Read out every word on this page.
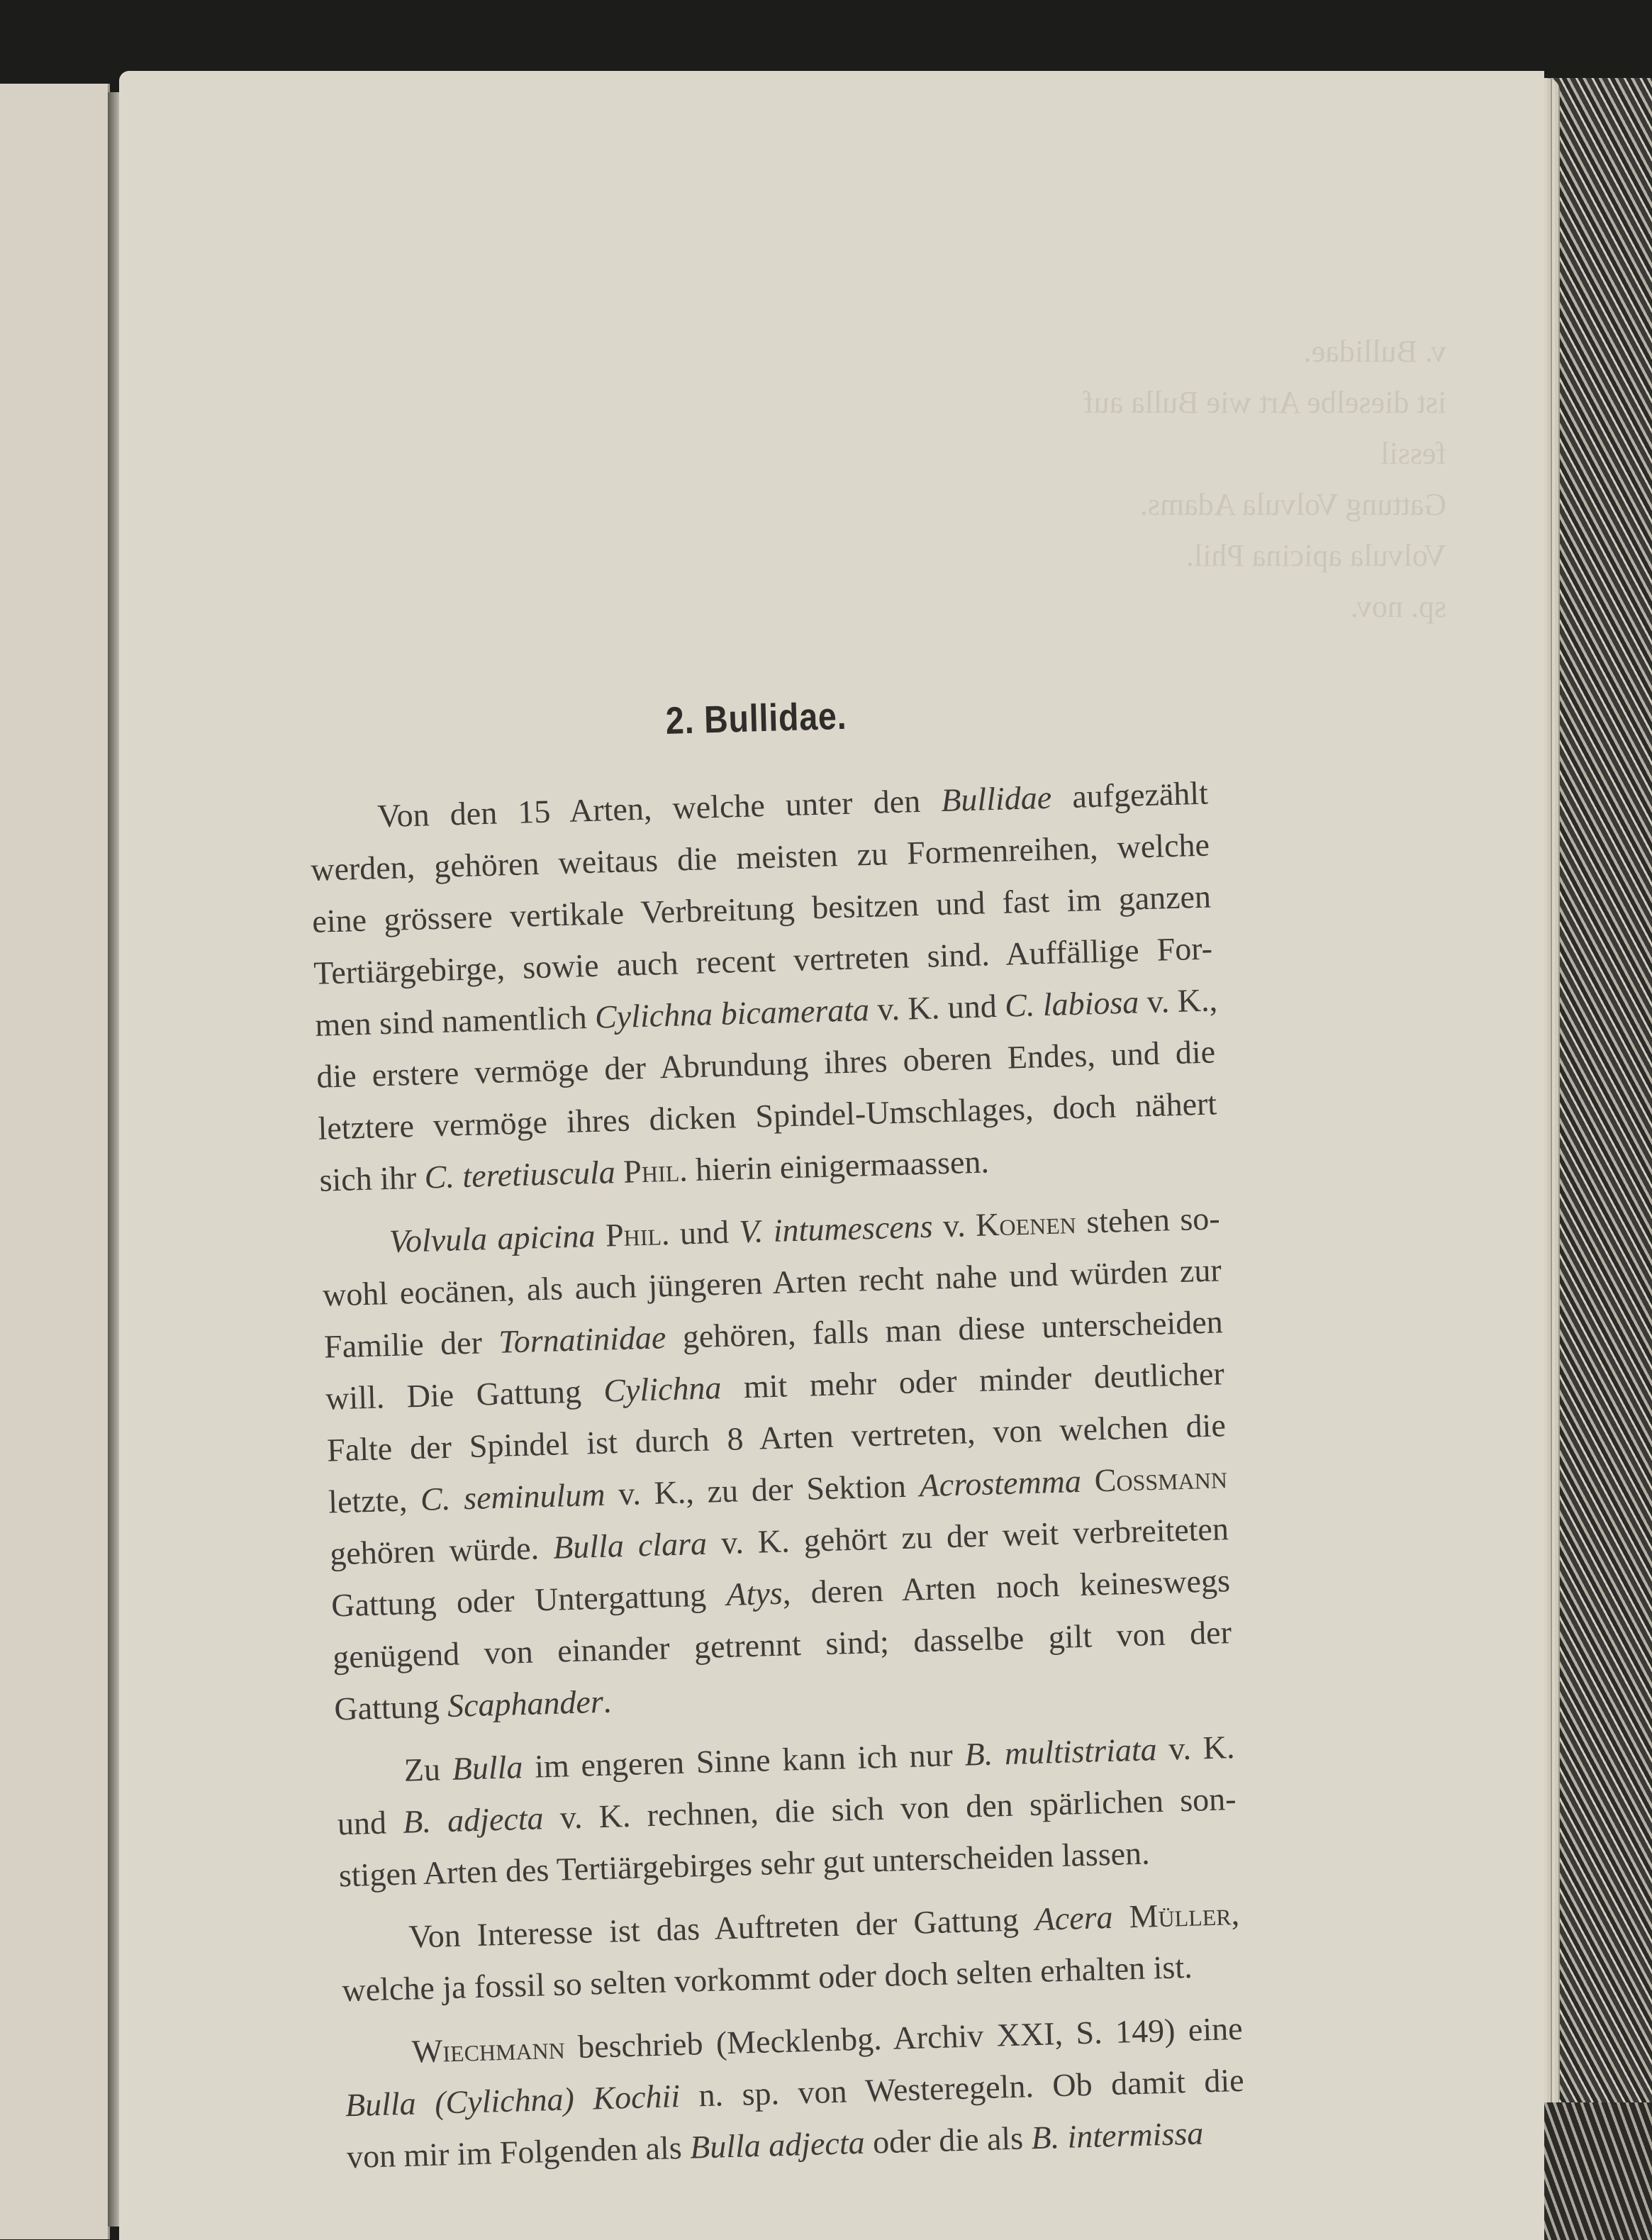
v. Bullidae.
ist dieselbe Art wie Bulla auf
fessil
Gattung Volvula Adams.
Volvula apicina Phil.
sp. nov.
2. Bullidae.
Von den 15 Arten, welche unter den Bullidae aufgezählt
werden, gehören weitaus die meisten zu Formenreihen, welche
eine grössere vertikale Verbreitung besitzen und fast im ganzen
Tertiärgebirge, sowie auch recent vertreten sind. Auffällige For-
men sind namentlich Cylichna bicamerata v. K. und C. labiosa v. K.,
die erstere vermöge der Abrundung ihres oberen Endes, und die
letztere vermöge ihres dicken Spindel-Umschlages, doch nähert
sich ihr C. teretiuscula Phil. hierin einigermaassen.
Volvula apicina Phil. und V. intumescens v. Koenen stehen so-
wohl eocänen, als auch jüngeren Arten recht nahe und würden zur
Familie der Tornatinidae gehören, falls man diese unterscheiden
will. Die Gattung Cylichna mit mehr oder minder deutlicher
Falte der Spindel ist durch 8 Arten vertreten, von welchen die
letzte, C. seminulum v. K., zu der Sektion Acrostemma Cossmann
gehören würde. Bulla clara v. K. gehört zu der weit verbreiteten
Gattung oder Untergattung Atys, deren Arten noch keineswegs
genügend von einander getrennt sind; dasselbe gilt von der
Gattung Scaphander.
Zu Bulla im engeren Sinne kann ich nur B. multistriata v. K.
und B. adjecta v. K. rechnen, die sich von den spärlichen son-
stigen Arten des Tertiärgebirges sehr gut unterscheiden lassen.
Von Interesse ist das Auftreten der Gattung Acera Müller,
welche ja fossil so selten vorkommt oder doch selten erhalten ist.
Wiechmann beschrieb (Mecklenbg. Archiv XXI, S. 149) eine
Bulla (Cylichna) Kochii n. sp. von Westeregeln. Ob damit die
von mir im Folgenden als Bulla adjecta oder die als B. intermissa
